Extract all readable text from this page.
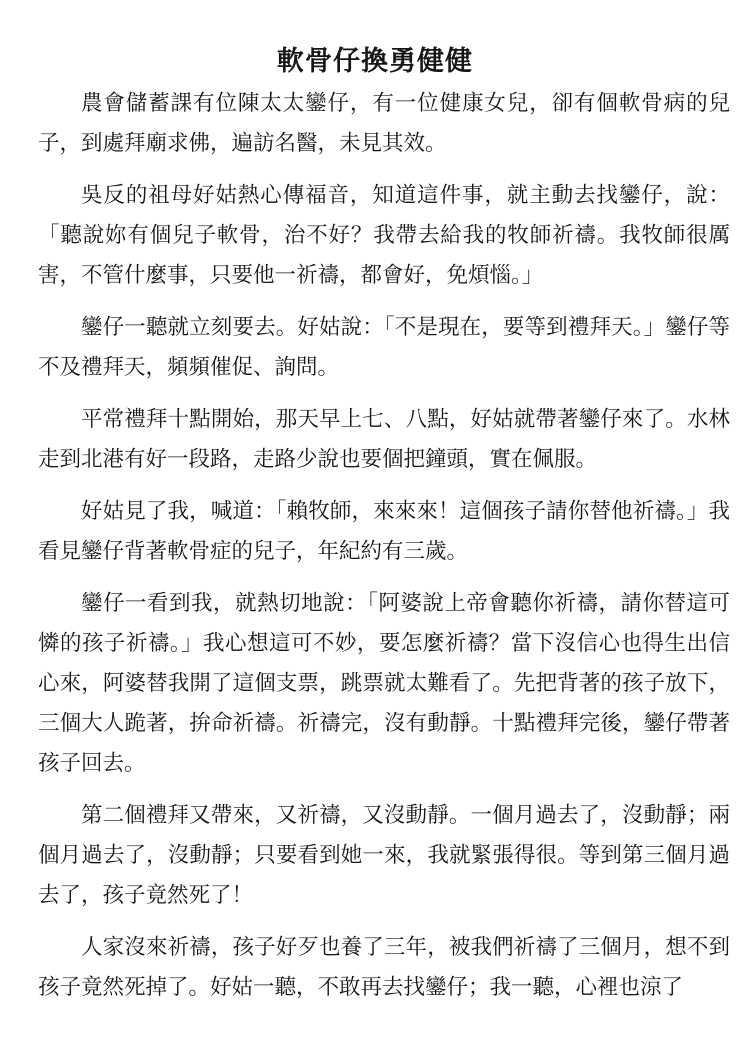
軟骨仔換勇健健

農會儲蓄課有位陳太太鑾仔，有一位健康女兒，卻有個軟骨病的兒子，到處拜廟求佛，遍訪名醫，未見其效。

吳反的祖母好姑熱心傳福音，知道這件事，就主動去找鑾仔，說：「聽說妳有個兒子軟骨，治不好？我帶去給我的牧師祈禱。我牧師很厲害，不管什麼事，只要他一祈禱，都會好，免煩惱。」

鑾仔一聽就立刻要去。好姑說：「不是現在，要等到禮拜天。」鑾仔等不及禮拜天，頻頻催促、詢問。

平常禮拜十點開始，那天早上七、八點，好姑就帶著鑾仔來了。水林走到北港有好一段路，走路少說也要個把鐘頭，實在佩服。

好姑見了我，喊道：「賴牧師，來來來！這個孩子請你替他祈禱。」我看見鑾仔背著軟骨症的兒子，年紀約有三歲。

鑾仔一看到我，就熱切地說：「阿婆說上帝會聽你祈禱，請你替這可憐的孩子祈禱。」我心想這可不妙，要怎麼祈禱？當下沒信心也得生出信心來，阿婆替我開了這個支票，跳票就太難看了。先把背著的孩子放下，三個大人跪著，拚命祈禱。祈禱完，沒有動靜。十點禮拜完後，鑾仔帶著孩子回去。

第二個禮拜又帶來，又祈禱，又沒動靜。一個月過去了，沒動靜；兩個月過去了，沒動靜；只要看到她一來，我就緊張得很。等到第三個月過去了，孩子竟然死了！

人家沒來祈禱，孩子好歹也養了三年，被我們祈禱了三個月，想不到孩子竟然死掉了。好姑一聽，不敢再去找鑾仔；我一聽，心裡也涼了
